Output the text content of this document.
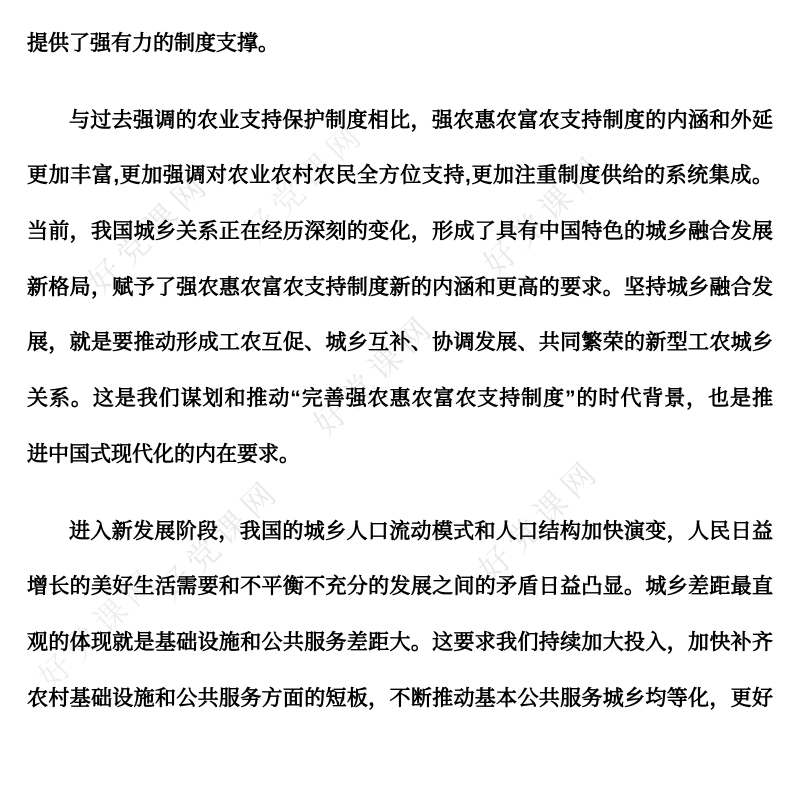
好党课网 好党课网	好党课网
好党课网
好党课网	好党课网
好党课网
提供了强有力的制度支撑。
与过去强调的农业支持保护制度相比，强农惠农富农支持制度的内涵和外延
更加丰富,更加强调对农业农村农民全方位支持,更加注重制度供给的系统集成。
当前，我国城乡关系正在经历深刻的变化，形成了具有中国特色的城乡融合发展
新格局，赋予了强农惠农富农支持制度新的内涵和更高的要求。坚持城乡融合发
展，就是要推动形成工农互促、城乡互补、协调发展、共同繁荣的新型工农城乡
关系。这是我们谋划和推动“完善强农惠农富农支持制度”的时代背景，也是推
进中国式现代化的内在要求。
进入新发展阶段，我国的城乡人口流动模式和人口结构加快演变，人民日益
增长的美好生活需要和不平衡不充分的发展之间的矛盾日益凸显。城乡差距最直
观的体现就是基础设施和公共服务差距大。这要求我们持续加大投入，加快补齐
农村基础设施和公共服务方面的短板，不断推动基本公共服务城乡均等化，更好
